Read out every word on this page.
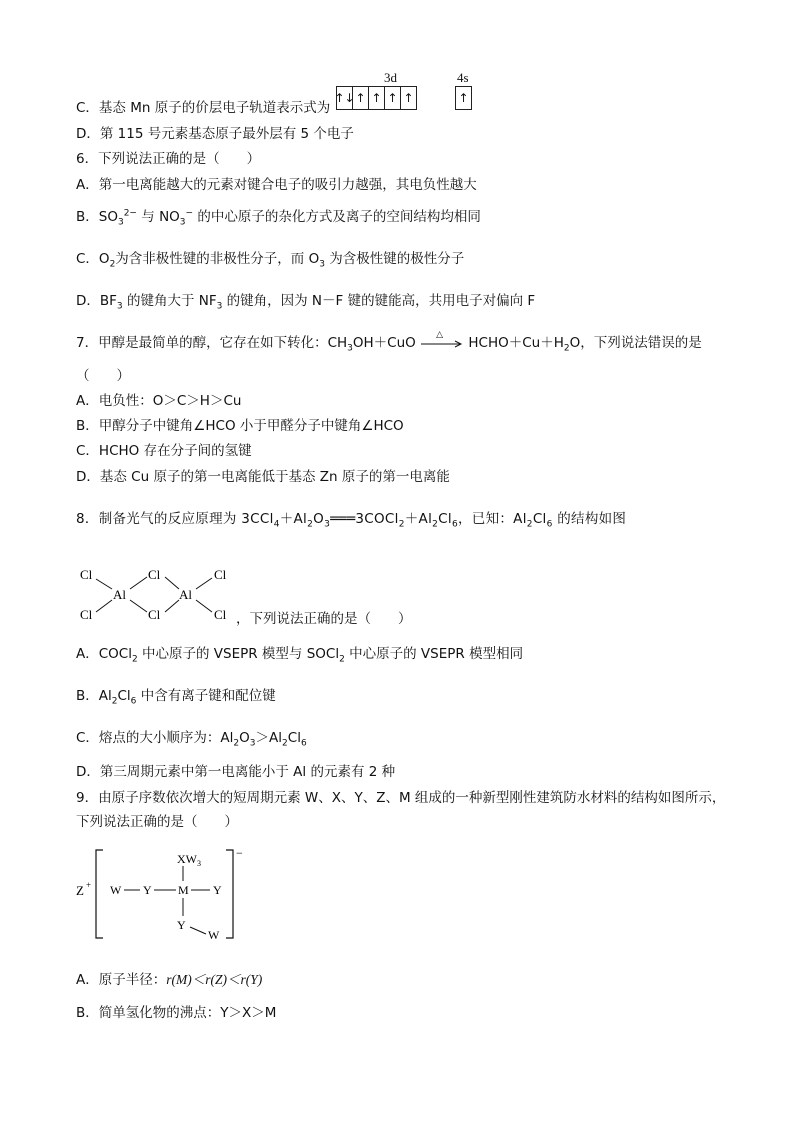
C．基态 Mn 原子的价层电子轨道表示式为
3d	4s
↑↓ ↑ ↑ ↑ ↑	↑
D．第 115 号元素基态原子最外层有 5 个电子
6．下列说法正确的是（　　）
A．第一电离能越大的元素对键合电子的吸引力越强，其电负性越大
B．$SO_3^{2-}$ 与 $NO_3^-$ 的中心原子的杂化方式及离子的空间结构均相同
C．$O_2$为含非极性键的非极性分子，而 $O_3$ 为含极性键的极性分子
D．$BF_3$ 的键角大于 $NF_3$ 的键角，因为 N－F 键的键能高，共用电子对偏向 F
7．甲醇是最简单的醇，它存在如下转化：$CH_3OH+CuO$ △ $HCHO+Cu+H_2O$，下列说法错误的是
（　　）
A．电负性：O＞C＞H＞Cu
B．甲醇分子中键角∠HCO 小于甲醛分子中键角∠HCO
C．HCHO 存在分子间的氢键
D．基态 Cu 原子的第一电离能低于基态 Zn 原子的第一电离能
8．制备光气的反应原理为 $3CCl_4+Al_2O_3═══3COCl_2+Al_2Cl_6$，已知：$Al_2Cl_6$ 的结构如图
Cl
Cl
Al
Cl
Cl
Al
Cl
Cl ，下列说法正确的是（　　）
A．COCl$_2$ 中心原子的 VSEPR 模型与 SOCl$_2$ 中心原子的 VSEPR 模型相同
B．$Al_2Cl_6$ 中含有离子键和配位键
C．熔点的大小顺序为：$Al_2O_3>Al_2Cl_6$
D．第三周期元素中第一电离能小于 Al 的元素有 2 种
9．由原子序数依次增大的短周期元素 W、X、Y、Z、M 组成的一种新型刚性建筑防水材料的结构如图所示，
下列说法正确的是（　　）
Z +
−
$XW_3$
W Y M Y
Y
W
A．原子半径：r(M)＜r(Z)＜r(Y)
B．简单氢化物的沸点：Y＞X＞M
